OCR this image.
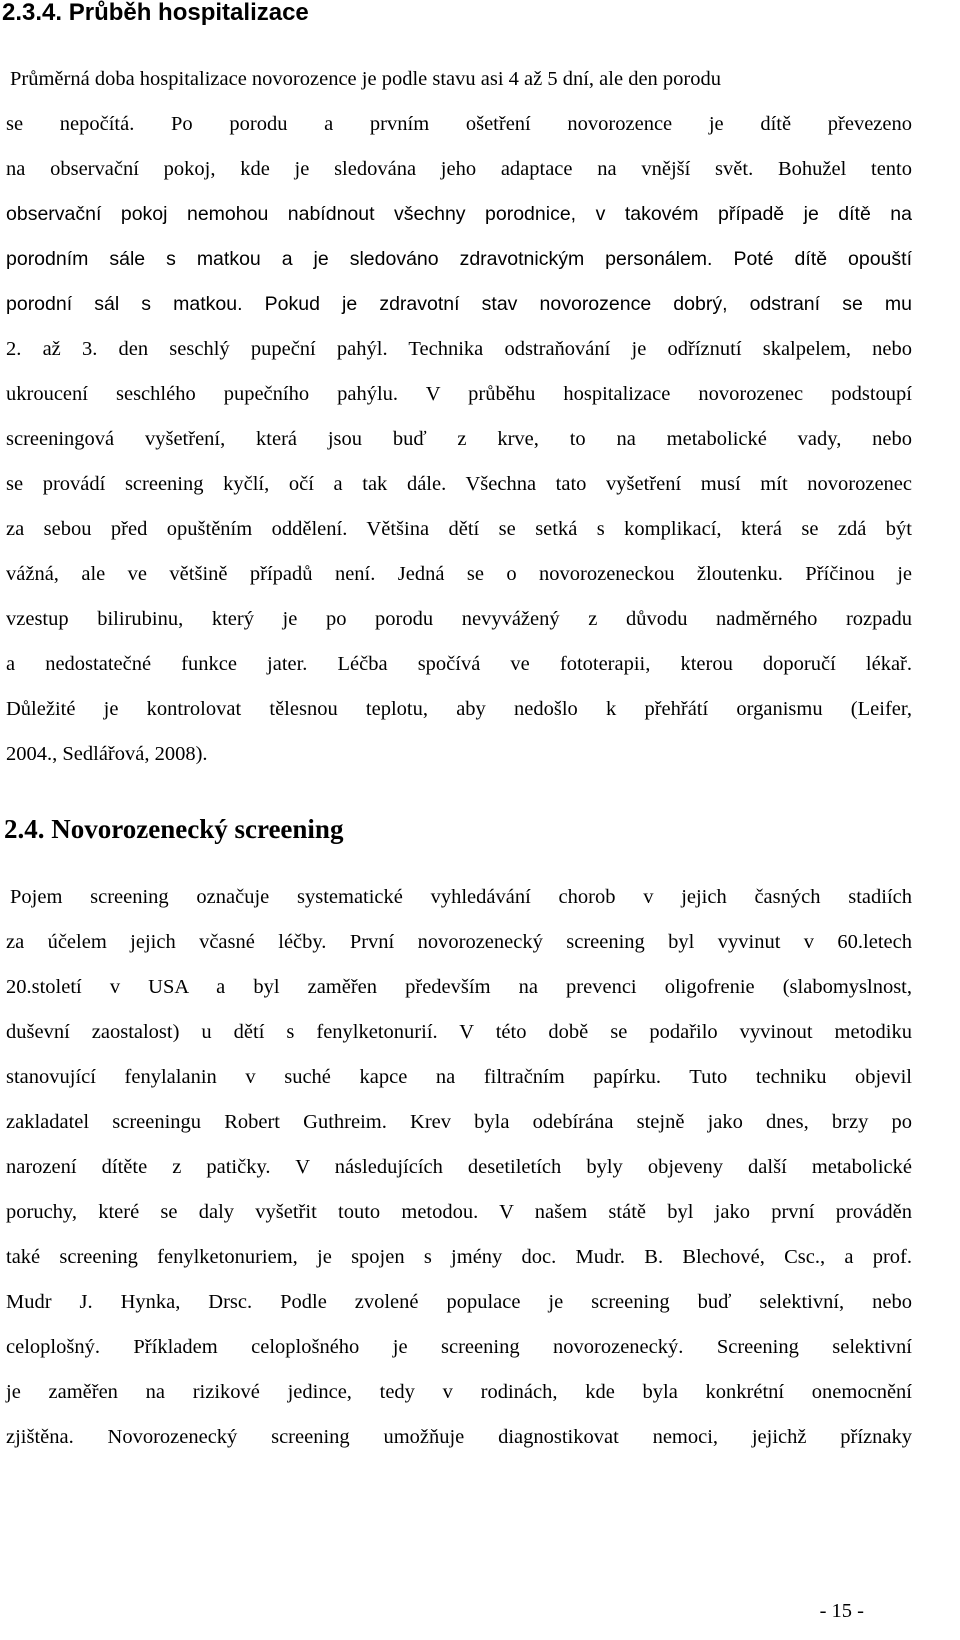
2.3.4. Průběh hospitalizace
Průměrná doba hospitalizace novorozence je podle stavu asi 4 až 5 dní, ale den porodu
se nepočítá. Po porodu a prvním ošetření novorozence je dítě převezeno
na observační pokoj, kde je sledována jeho adaptace na vnější svět. Bohužel tento
observační pokoj nemohou nabídnout všechny porodnice, v takovém případě je dítě na
porodním sále s matkou a je sledováno zdravotnickým personálem. Poté dítě opouští
porodní sál s matkou. Pokud je zdravotní stav novorozence dobrý, odstraní se mu
2. až 3. den seschlý pupeční pahýl. Technika odstraňování je odříznutí skalpelem, nebo
ukroucení seschlého pupečního pahýlu. V průběhu hospitalizace novorozenec podstoupí
screeningová vyšetření, která jsou buď z krve, to na metabolické vady, nebo
se provádí screening kyčlí, očí a tak dále. Všechna tato vyšetření musí mít novorozenec
za sebou před opuštěním oddělení. Většina dětí se setká s komplikací, která se zdá být
vážná, ale ve většině případů není. Jedná se o novorozeneckou žloutenku. Příčinou je
vzestup bilirubinu, který je po porodu nevyvážený z důvodu nadměrného rozpadu
a nedostatečné funkce jater. Léčba spočívá ve fototerapii, kterou doporučí lékař.
Důležité je kontrolovat tělesnou teplotu, aby nedošlo k přehřátí organismu (Leifer,
2004., Sedlářová, 2008).
2.4. Novorozenecký screening
Pojem screening označuje systematické vyhledávání chorob v jejich časných stadiích
za účelem jejich včasné léčby. První novorozenecký screening byl vyvinut v 60.letech
20.století v USA a byl zaměřen především na prevenci oligofrenie (slabomyslnost,
duševní zaostalost) u dětí s fenylketonurií. V této době se podařilo vyvinout metodiku
stanovující fenylalanin v suché kapce na filtračním papírku. Tuto techniku objevil
zakladatel screeningu Robert Guthreim. Krev byla odebírána stejně jako dnes, brzy po
narození dítěte z patičky. V následujících desetiletích byly objeveny další metabolické
poruchy, které se daly vyšetřit touto metodou. V našem státě byl jako první prováděn
také screening fenylketonuriem, je spojen s jmény doc. Mudr. B. Blechové, Csc., a prof.
Mudr J. Hynka, Drsc. Podle zvolené populace je screening buď selektivní, nebo
celoplošný. Příkladem celoplošného je screening novorozenecký. Screening selektivní
je zaměřen na rizikové jedince, tedy v rodinách, kde byla konkrétní onemocnění
zjištěna. Novorozenecký screening umožňuje diagnostikovat nemoci, jejichž příznaky
- 15 -
